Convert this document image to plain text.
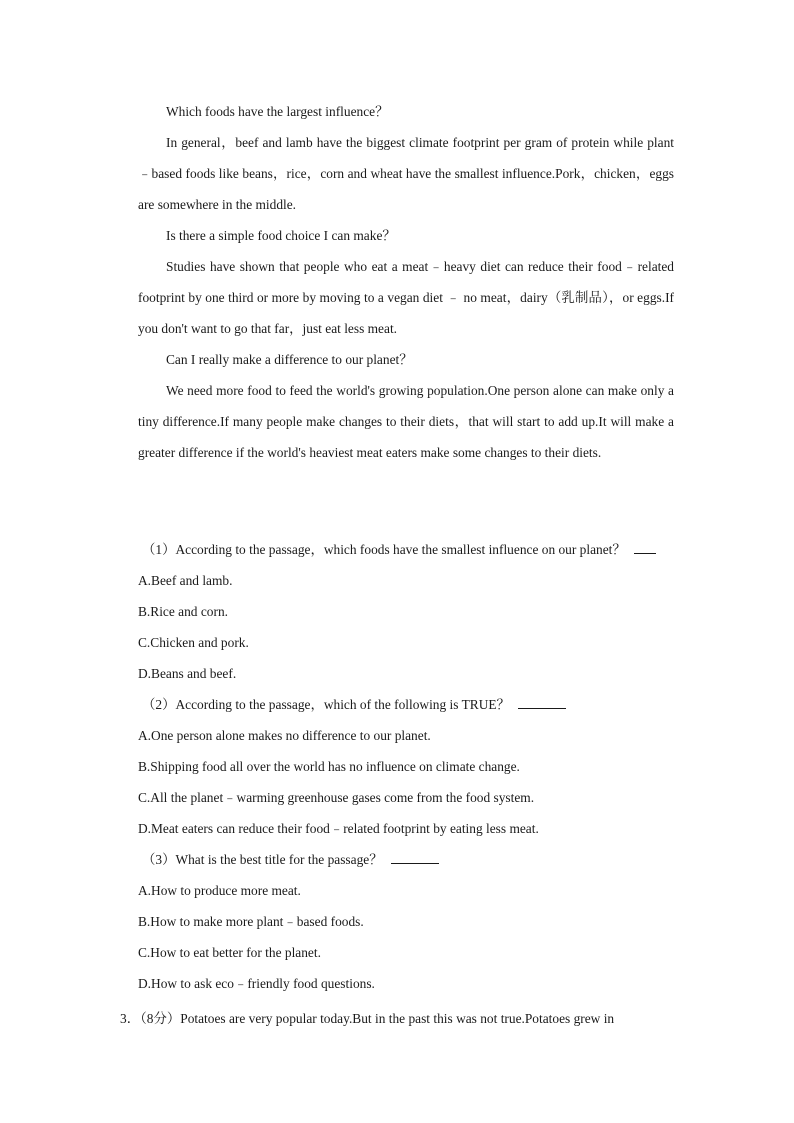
Which foods have the largest influence？

In general，beef and lamb have the biggest climate footprint per gram of protein while plant﹣based foods like beans，rice，corn and wheat have the smallest influence.Pork，chicken，eggs are somewhere in the middle.

Is there a simple food choice I can make？

Studies have shown that people who eat a meat﹣heavy diet can reduce their food﹣related footprint by one third or more by moving to a vegan diet ﹣ no meat，dairy（乳制品），or eggs.If you don't want to go that far，just eat less meat.

Can I really make a difference to our planet？

We need more food to feed the world's growing population.One person alone can make only a tiny difference.If many people make changes to their diets，that will start to add up.It will make a greater difference if the world's heaviest meat eaters make some changes to their diets.

（1）According to the passage，which foods have the smallest influence on our planet？

A.Beef and lamb.

B.Rice and corn.

C.Chicken and pork.

D.Beans and beef.

（2）According to the passage，which of the following is TRUE？

A.One person alone makes no difference to our planet.

B.Shipping food all over the world has no influence on climate change.

C.All the planet﹣warming greenhouse gases come from the food system.

D.Meat eaters can reduce their food﹣related footprint by eating less meat.

（3）What is the best title for the passage？

A.How to produce more meat.

B.How to make more plant﹣based foods.

C.How to eat better for the planet.

D.How to ask eco﹣friendly food questions.

3．（8分）Potatoes are very popular today.But in the past this was not true.Potatoes grew in
